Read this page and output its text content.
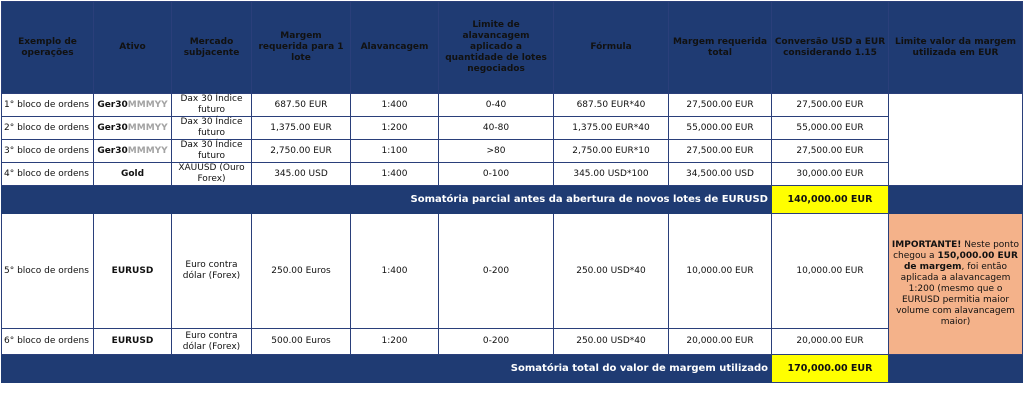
Exemplo de operações	Ativo	Mercado subjacente	Margem requerida para 1 lote	Alavancagem	Limite de alavancagem aplicado a quantidade de lotes negociados	Fórmula	Margem requerida total	Conversão USD a EUR considerando 1.15	Limite valor da margem utilizada em EUR
1° bloco de ordens	Ger30MMMYY	Dax 30 Índice futuro	687.50 EUR	1:400	0-40	687.50 EUR*40	27,500.00 EUR	27,500.00 EUR	
2° bloco de ordens	Ger30MMMYY	Dax 30 Índice futuro	1,375.00 EUR	1:200	40-80	1,375.00 EUR*40	55,000.00 EUR	55,000.00 EUR	
3° bloco de ordens	Ger30MMMYY	Dax 30 Índice futuro	2,750.00 EUR	1:100	>80	2,750.00 EUR*10	27,500.00 EUR	27,500.00 EUR	
4° bloco de ordens	Gold	XAUUSD (Ouro Forex)	345.00 USD	1:400	0-100	345.00 USD*100	34,500.00 USD	30,000.00 EUR	
Somatória parcial antes da abertura de novos lotes de EURUSD								140,000.00 EUR	
5° bloco de ordens	EURUSD	Euro contra dólar (Forex)	250.00 Euros	1:400	0-200	250.00 USD*40	10,000.00 EUR	10,000.00 EUR	IMPORTANTE! Neste ponto chegou a 150,000.00 EUR de margem, foi então aplicada a alavancagem 1:200 (mesmo que o EURUSD permitia maior volume com alavancagem maior)
6° bloco de ordens	EURUSD	Euro contra dólar (Forex)	500.00 Euros	1:200	0-200	250.00 USD*40	20,000.00 EUR	20,000.00 EUR	
Somatória total do valor de margem utilizado								170,000.00 EUR	
